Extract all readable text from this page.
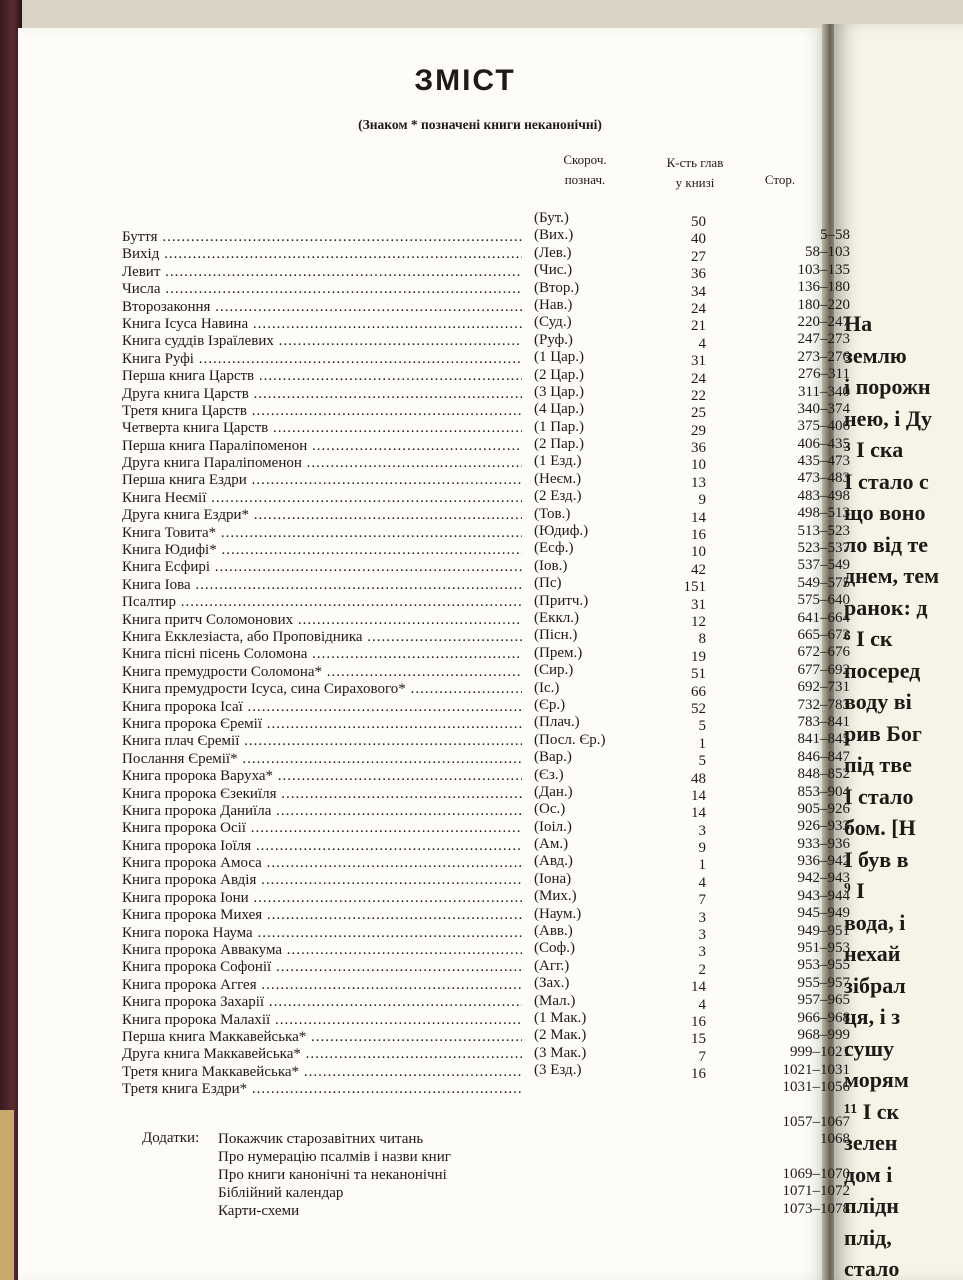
На
землю
і порожн
нею, і Ду
³ І ска
І стало с
що воно
ло від те
днем, тем
ранок: д
⁶ І ск
посеред
воду ві
рив Бог
під тве
І стало
бом. [Н
І був в
⁹ І
вода, і
нехай
зібрал
ця, і з
сушу
морям
¹¹ І ск
зелен
дом і
плідн
плід,
стало
ЗМІСТ
(Знаком * позначені книги неканонічні)
Скороч.
познач.
К-сть глав
у книзі	Стор.
Буття .....
Вихід .....
Левит .....
Числа .....
Второзаконня .....
Книга Ісуса Навина .....
Книга суддів Ізраїлевих .....
Книга Руфі .....
Перша книга Царств .....
Друга книга Царств .....
Третя книга Царств .....
Четверта книга Царств .....
Перша книга Параліпоменон .....
Друга книга Параліпоменон .....
Перша книга Ездри .....
Книга Неємії .....
Друга книга Ездри* .....
Книга Товита* .....
Книга Юдифі* .....
Книга Есфирі .....
Книга Іова .....
Псалтир .....
Книга притч Соломонових .....
Книга Екклезіаста, або Проповідника .....
Книга пісні пісень Соломона .....
Книга премудрости Соломона* .....
Книга премудрости Ісуса, сина Сирахового* .....
Книга пророка Ісаї .....
Книга пророка Єремії .....
Книга плач Єремії .....
Послання Єремії* .....
Книга пророка Варуха* .....
Книга пророка Єзекиїля .....
Книга пророка Даниїла .....
Книга пророка Осії .....
Книга пророка Іоїля .....
Книга пророка Амоса .....
Книга пророка Авдія .....
Книга пророка Іони .....
Книга пророка Михея .....
Книга порока Наума .....
Книга пророка Аввакума .....
Книга пророка Софонії .....
Книга пророка Аггея .....
Книга пророка Захарії .....
Книга пророка Малахії .....
Перша книга Маккавейська* .....
Друга книга Маккавейська* .....
Третя книга Маккавейська* .....
Третя книга Ездри* .....
(Бут.)
(Вих.)
(Лев.)
(Чис.)
(Втор.)
(Нав.)
(Суд.)
(Руф.)
(1 Цар.)
(2 Цар.)
(3 Цар.)
(4 Цар.)
(1 Пар.)
(2 Пар.)
(1 Езд.)
(Неєм.)
(2 Езд.)
(Тов.)
(Юдиф.)
(Есф.)
(Іов.)
(Пс)
(Притч.)
(Еккл.)
(Пісн.)
(Прем.)
(Сир.)
(Іс.)
(Єр.)
(Плач.)
(Посл. Єр.)
(Вар.)
(Єз.)
(Дан.)
(Ос.)
(Іоіл.)
(Ам.)
(Авд.)
(Іона)
(Мих.)
(Наум.)
(Авв.)
(Соф.)
(Агг.)
(Зах.)
(Мал.)
(1 Мак.)
(2 Мак.)
(3 Мак.)
(3 Езд.)
50
40
27
36
34
24
21
4
31
24
22
25
29
36
10
13
9
14
16
10
42
151
31
12
8
19
51
66
52
5
1
5
48
14
14
3
9
1
4
7
3
3
3
2
14
4
16
15
7
16
5–58
58–103
103–135
136–180
180–220
220–247
247–273
273–276
276–311
311–340
340–374
375–406
406–435
435–473
473–483
483–498
498–513
513–523
523–537
537–549
549–575
575–640
641–664
665–672
672–676
677–692
692–731
732–783
783–841
841–845
846–847
848–852
853–904
905–926
926–933
933–936
936–942
942–943
943–944
945–949
949–951
951–953
953–955
955–957
957–965
966–968
968–999
999–1021
1021–1031
1031–1056
1057–1067
1068
1069–1070
1071–1072
1073–1078
Додатки: Покажчик старозавітних читань
Про нумерацію псалмів і назви книг
Про книги канонічні та неканонічні
Біблійний календар
Карти-схеми
